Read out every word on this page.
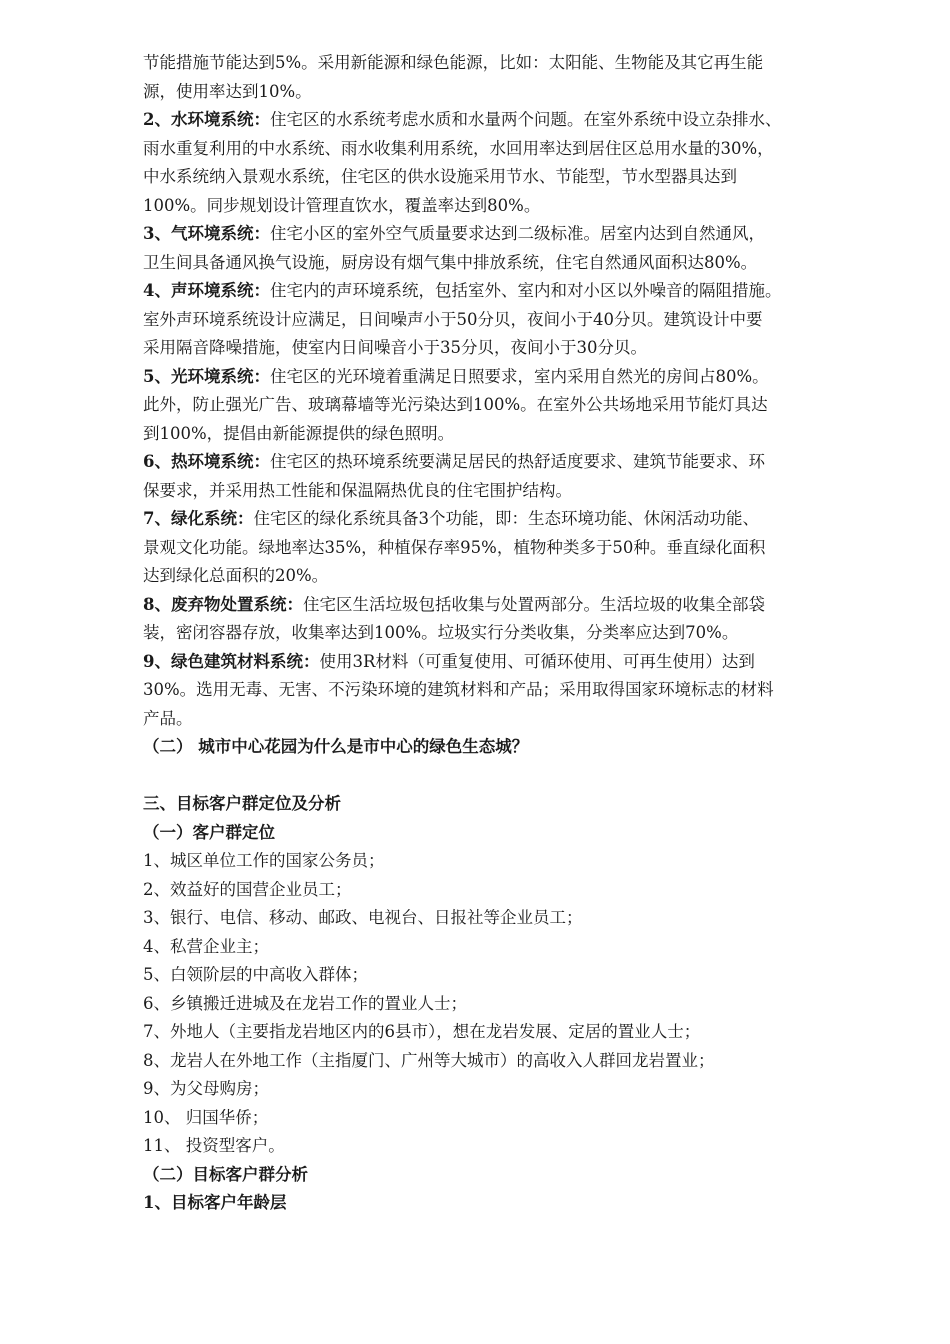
节能措施节能达到5%。采用新能源和绿色能源，比如：太阳能、生物能及其它再生能
源，使用率达到10%。
2、水环境系统：住宅区的水系统考虑水质和水量两个问题。在室外系统中设立杂排水、
雨水重复利用的中水系统、雨水收集利用系统，水回用率达到居住区总用水量的30%，
中水系统纳入景观水系统，住宅区的供水设施采用节水、节能型，节水型器具达到
100%。同步规划设计管理直饮水，覆盖率达到80%。
3、气环境系统：住宅小区的室外空气质量要求达到二级标准。居室内达到自然通风，
卫生间具备通风换气设施，厨房设有烟气集中排放系统，住宅自然通风面积达80%。
4、声环境系统：住宅内的声环境系统，包括室外、室内和对小区以外噪音的隔阻措施。
室外声环境系统设计应满足，日间噪声小于50分贝，夜间小于40分贝。建筑设计中要
采用隔音降噪措施，使室内日间噪音小于35分贝，夜间小于30分贝。
5、光环境系统：住宅区的光环境着重满足日照要求，室内采用自然光的房间占80%。
此外，防止强光广告、玻璃幕墙等光污染达到100%。在室外公共场地采用节能灯具达
到100%，提倡由新能源提供的绿色照明。
6、热环境系统：住宅区的热环境系统要满足居民的热舒适度要求、建筑节能要求、环
保要求，并采用热工性能和保温隔热优良的住宅围护结构。
7、绿化系统：住宅区的绿化系统具备3个功能，即：生态环境功能、休闲活动功能、
景观文化功能。绿地率达35%，种植保存率95%，植物种类多于50种。垂直绿化面积
达到绿化总面积的20%。
8、废弃物处置系统：住宅区生活垃圾包括收集与处置两部分。生活垃圾的收集全部袋
装，密闭容器存放，收集率达到100%。垃圾实行分类收集，分类率应达到70%。
9、绿色建筑材料系统：使用3R材料（可重复使用、可循环使用、可再生使用）达到
30%。选用无毒、无害、不污染环境的建筑材料和产品；采用取得国家环境标志的材料
产品。
（二） 城市中心花园为什么是市中心的绿色生态城？
三、目标客户群定位及分析
（一）客户群定位
1、城区单位工作的国家公务员；
2、效益好的国营企业员工；
3、银行、电信、移动、邮政、电视台、日报社等企业员工；
4、私营企业主；
5、白领阶层的中高收入群体；
6、乡镇搬迁进城及在龙岩工作的置业人士；
7、外地人（主要指龙岩地区内的6县市），想在龙岩发展、定居的置业人士；
8、龙岩人在外地工作（主指厦门、广州等大城市）的高收入人群回龙岩置业；
9、为父母购房；
10、 归国华侨；
11、 投资型客户。
（二）目标客户群分析
1、目标客户年龄层
